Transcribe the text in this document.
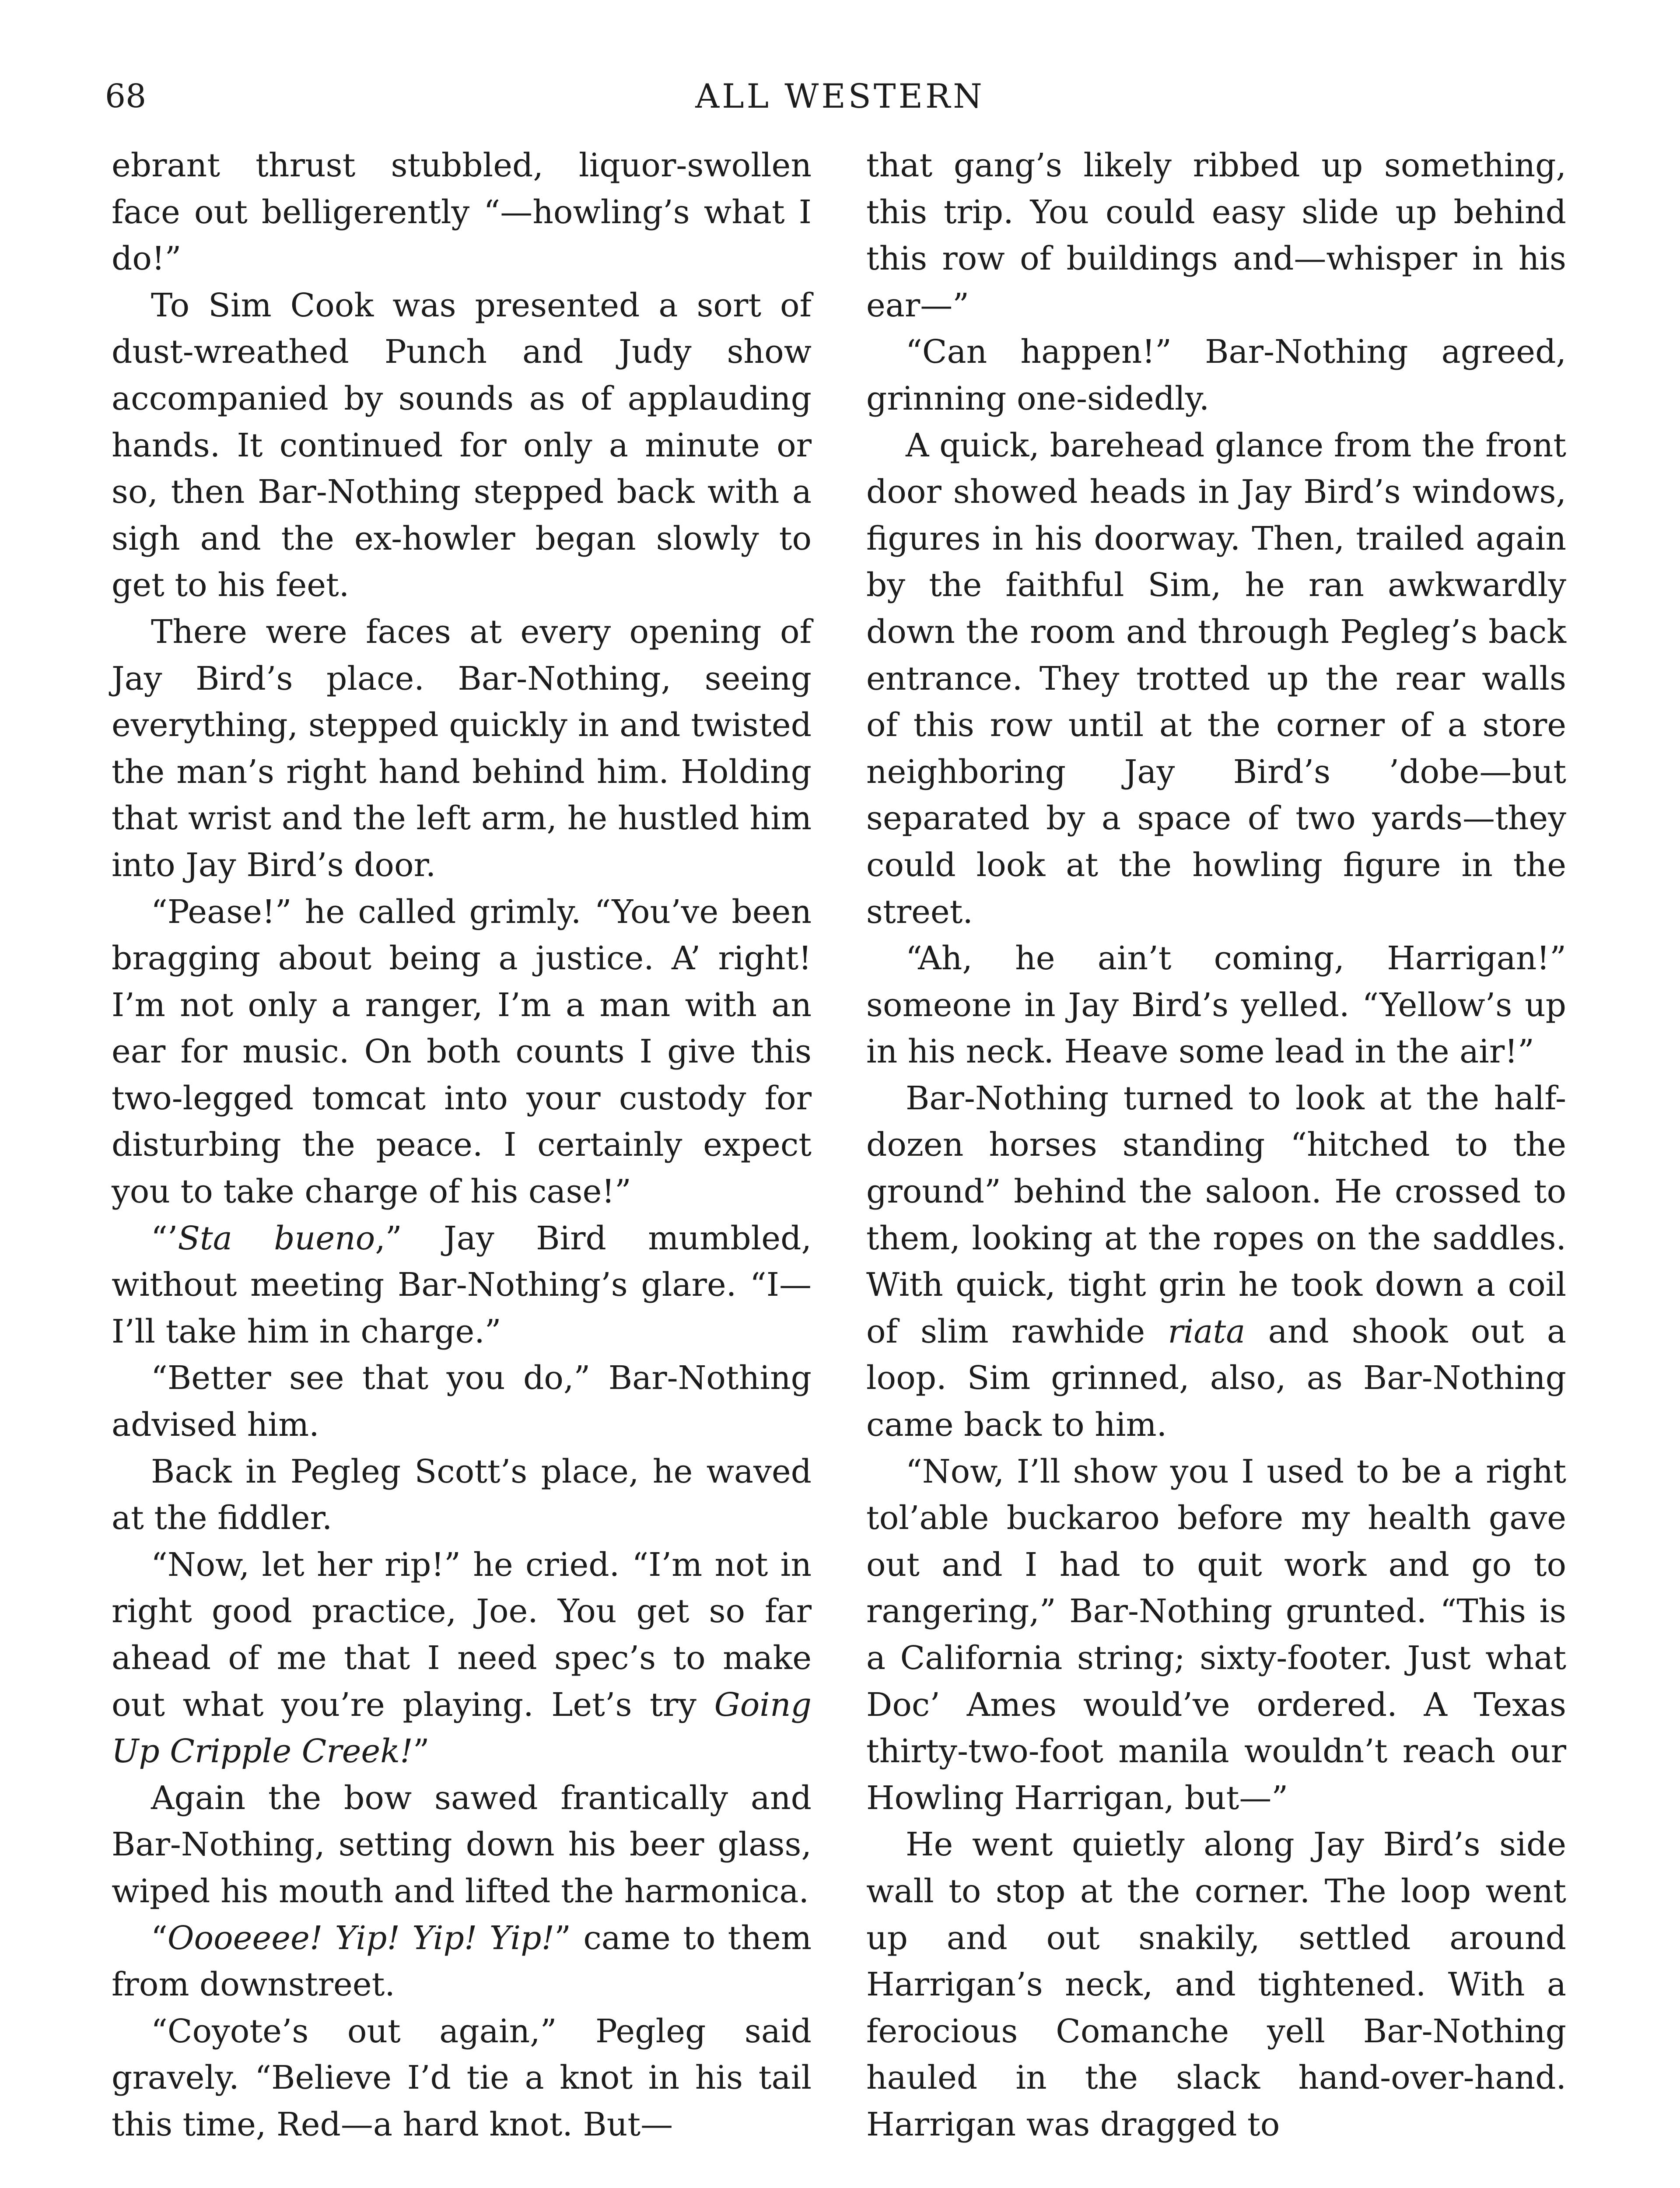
68	ALL WESTERN

ebrant thrust stubbled, liquor-swollen face out belligerently “—howling’s what I do!”

To Sim Cook was presented a sort of dust-wreathed Punch and Judy show accompanied by sounds as of applauding hands. It continued for only a minute or so, then Bar-Nothing stepped back with a sigh and the ex-howler began slowly to get to his feet.

There were faces at every opening of Jay Bird’s place. Bar-Nothing, seeing everything, stepped quickly in and twisted the man’s right hand behind him. Holding that wrist and the left arm, he hustled him into Jay Bird’s door.

“Pease!” he called grimly. “You’ve been bragging about being a justice. A’ right! I’m not only a ranger, I’m a man with an ear for music. On both counts I give this two-legged tomcat into your custody for disturbing the peace. I certainly expect you to take charge of his case!”

“’Sta bueno,” Jay Bird mumbled, without meeting Bar-Nothing’s glare. “I—I’ll take him in charge.”

“Better see that you do,” Bar-Nothing advised him.

Back in Pegleg Scott’s place, he waved at the fiddler.

“Now, let her rip!” he cried. “I’m not in right good practice, Joe. You get so far ahead of me that I need spec’s to make out what you’re playing. Let’s try Going Up Cripple Creek!”

Again the bow sawed frantically and Bar-Nothing, setting down his beer glass, wiped his mouth and lifted the harmonica.

“Oooeeee! Yip! Yip! Yip!” came to them from downstreet.

“Coyote’s out again,” Pegleg said gravely. “Believe I’d tie a knot in his tail this time, Red—a hard knot. But—

that gang’s likely ribbed up something, this trip. You could easy slide up behind this row of buildings and—whisper in his ear—”

“Can happen!” Bar-Nothing agreed, grinning one-sidedly.

A quick, barehead glance from the front door showed heads in Jay Bird’s windows, figures in his doorway. Then, trailed again by the faithful Sim, he ran awkwardly down the room and through Pegleg’s back entrance. They trotted up the rear walls of this row until at the corner of a store neighboring Jay Bird’s ’dobe—but separated by a space of two yards—they could look at the howling figure in the street.

“Ah, he ain’t coming, Harrigan!” someone in Jay Bird’s yelled. “Yellow’s up in his neck. Heave some lead in the air!”

Bar-Nothing turned to look at the half-dozen horses standing “hitched to the ground” behind the saloon. He crossed to them, looking at the ropes on the saddles. With quick, tight grin he took down a coil of slim rawhide riata and shook out a loop. Sim grinned, also, as Bar-Nothing came back to him.

“Now, I’ll show you I used to be a right tol’able buckaroo before my health gave out and I had to quit work and go to rangering,” Bar-Nothing grunted. “This is a California string; sixty-footer. Just what Doc’ Ames would’ve ordered. A Texas thirty-two-foot manila wouldn’t reach our Howling Harrigan, but—”

He went quietly along Jay Bird’s side wall to stop at the corner. The loop went up and out snakily, settled around Harrigan’s neck, and tightened. With a ferocious Comanche yell Bar-Nothing hauled in the slack hand-over-hand. Harrigan was dragged to
